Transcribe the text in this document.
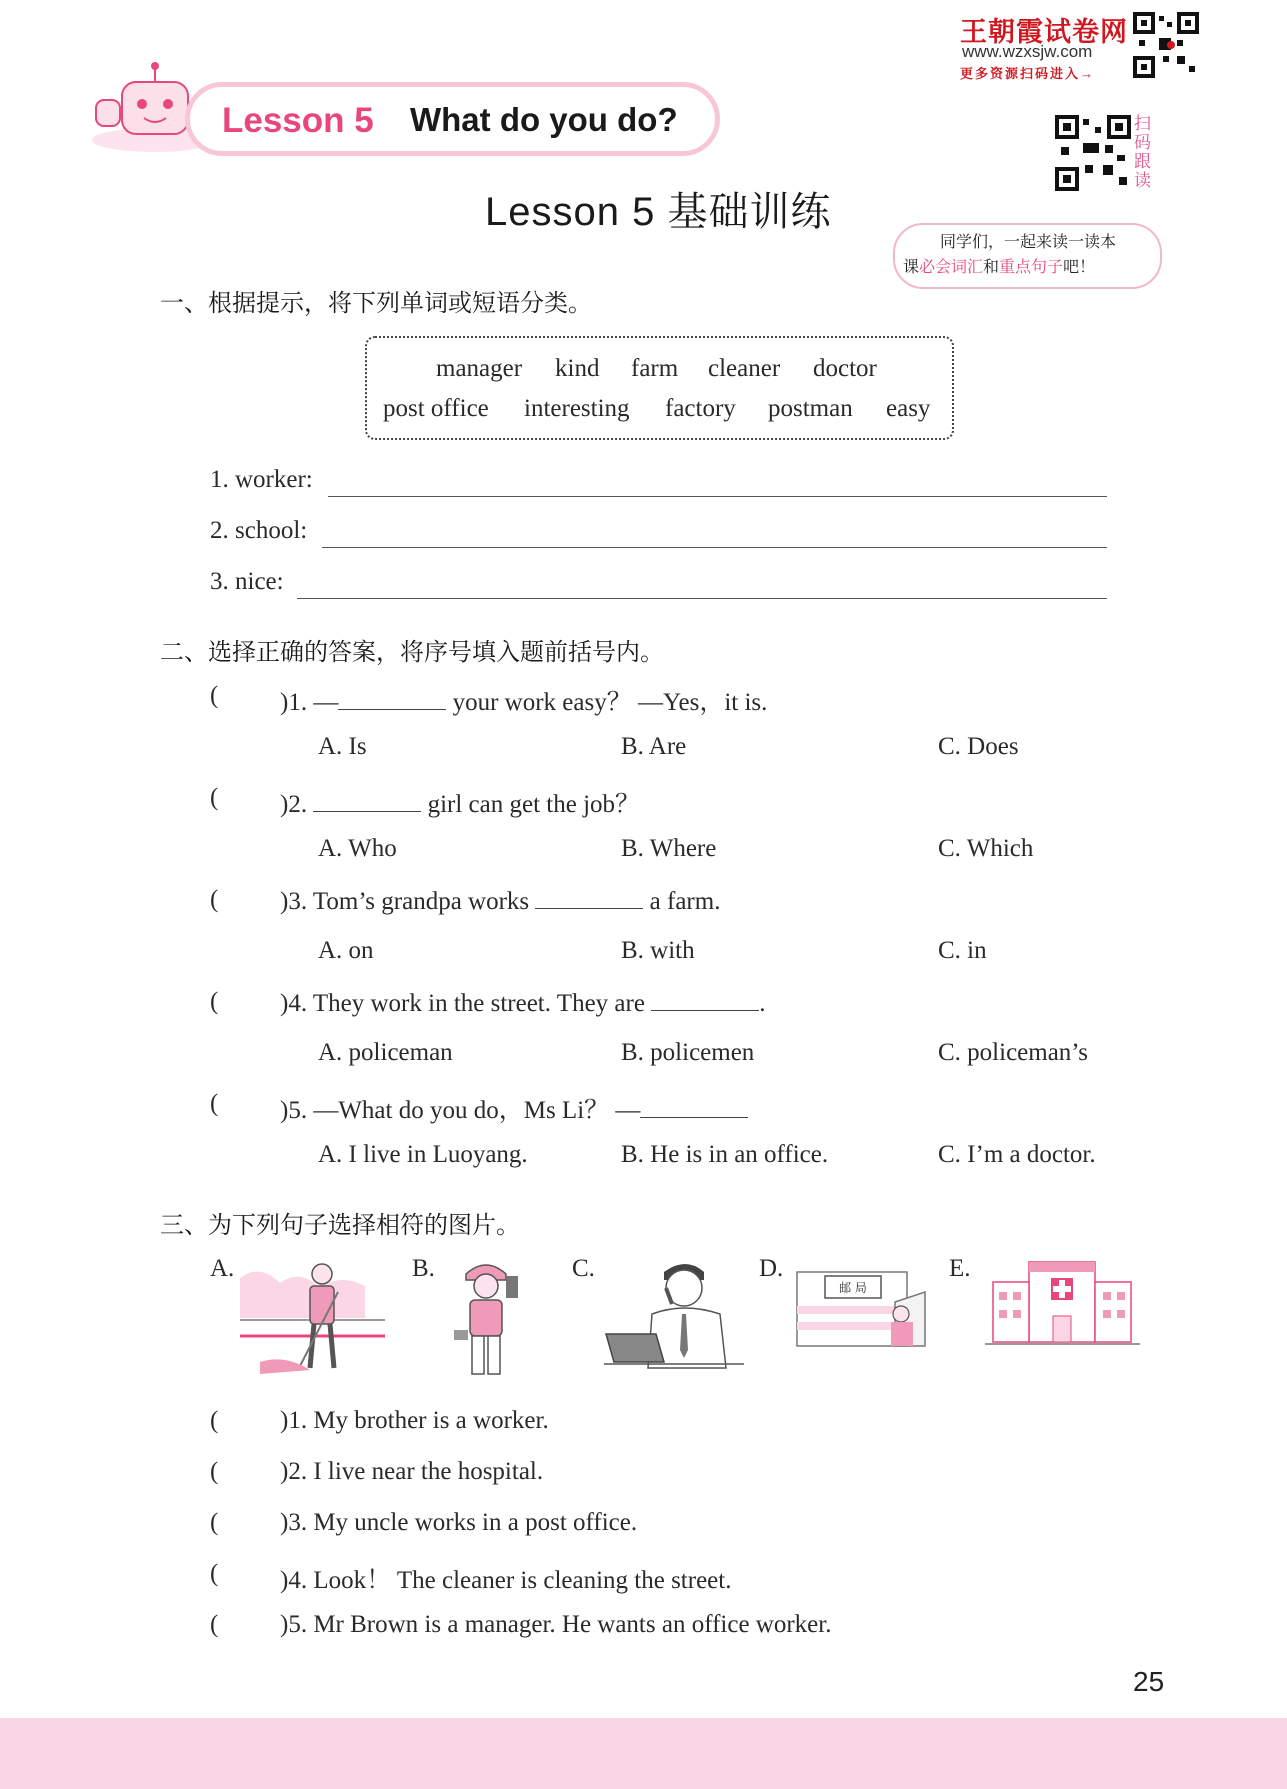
王朝霞试卷网
www.wzxsjw.com
更多资源扫码进入→
扫码跟读
Lesson 5 What do you do?
Lesson 5 基础训练
同学们，一起来读一读本
课必会词汇和重点句子吧！
一、根据提示，将下列单词或短语分类。
manager kind farm cleaner doctor
post office interesting factory postman easy
1. worker:
2. school:
3. nice:
二、选择正确的答案，将序号填入题前括号内。
( )1. —	your work easy？ —Yes，it is.
A. Is	B. Are	C. Does
( )2.	girl can get the job？
A. Who	B. Where	C. Which
( )3. Tom’s grandpa works	a farm.
A. on	B. with	C. in
( )4. They work in the street. They are	.
A. policeman	B. policemen	C. policeman’s
( )5. —What do you do，Ms Li？ —
A. I live in Luoyang.	B. He is in an office.	C. I’m a doctor.
三、为下列句子选择相符的图片。
A.	B.	C.	D.
邮 局
E.
( )1. My brother is a worker.
( )2. I live near the hospital.
( )3. My uncle works in a post office.
( )4. Look！ The cleaner is cleaning the street.
( )5. Mr Brown is a manager. He wants an office worker.
25
